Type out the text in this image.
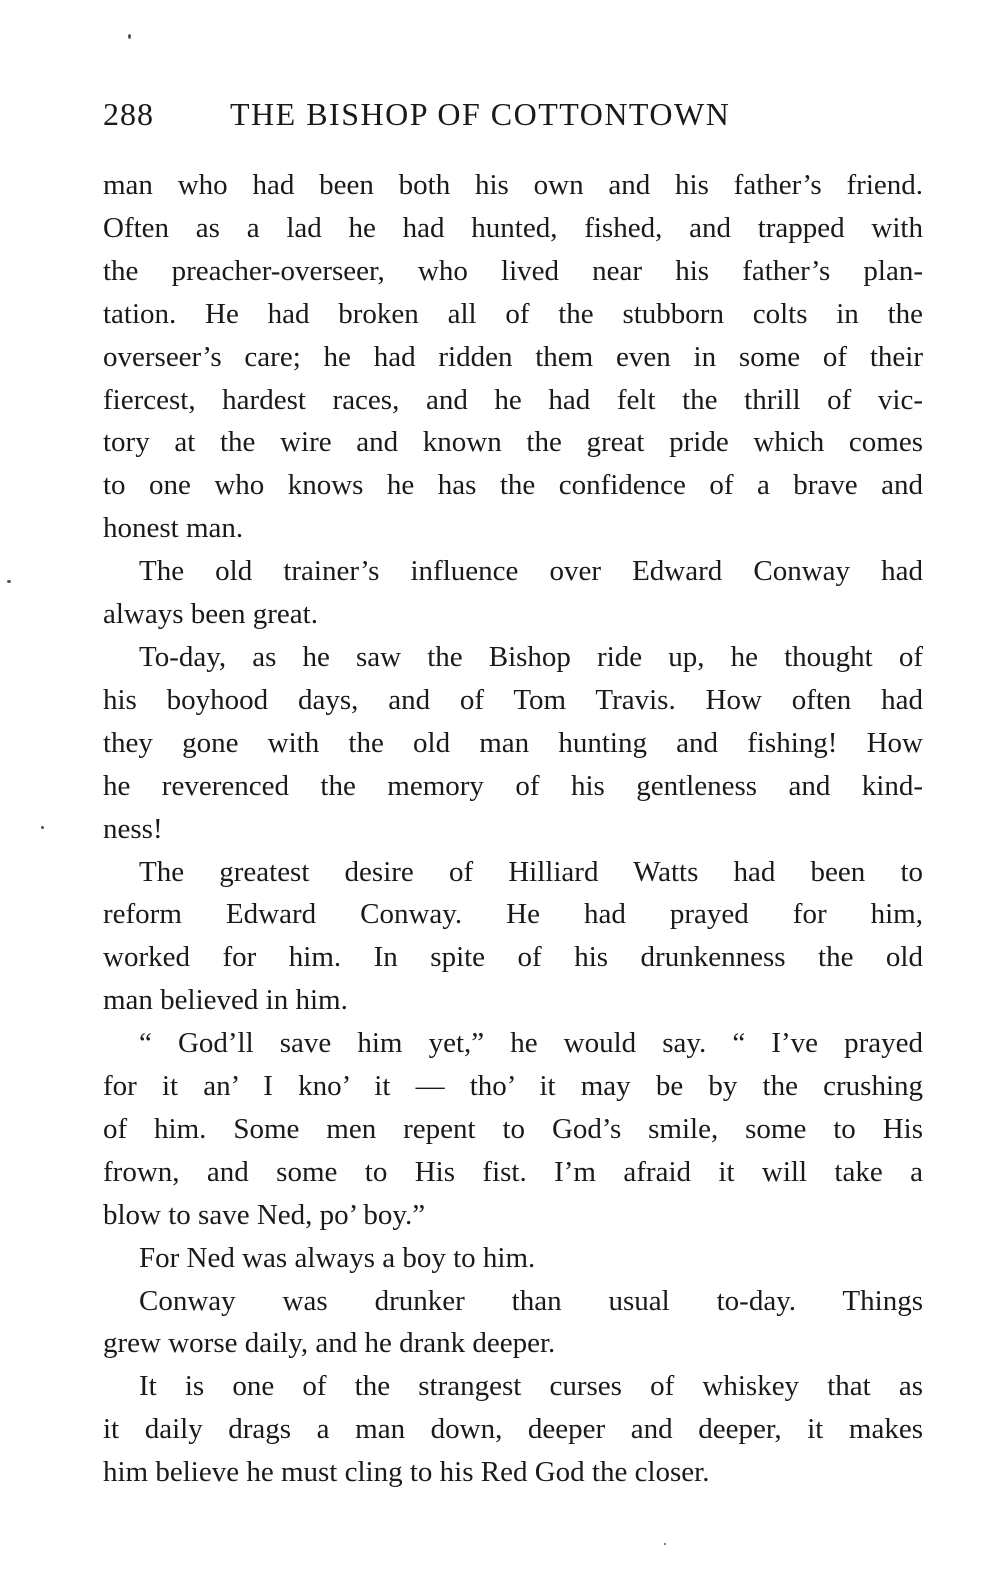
288 THE BISHOP OF COTTONTOWN
man who had been both his own and his father’s friend.
Often as a lad he had hunted, fished, and trapped with
the preacher-overseer, who lived near his father’s plan-
tation. He had broken all of the stubborn colts in the
overseer’s care; he had ridden them even in some of their
fiercest, hardest races, and he had felt the thrill of vic-
tory at the wire and known the great pride which comes
to one who knows he has the confidence of a brave and
honest man.
The old trainer’s influence over Edward Conway had
always been great.
To-day, as he saw the Bishop ride up, he thought of
his boyhood days, and of Tom Travis. How often had
they gone with the old man hunting and fishing! How
he reverenced the memory of his gentleness and kind-
ness!
The greatest desire of Hilliard Watts had been to
reform Edward Conway. He had prayed for him,
worked for him. In spite of his drunkenness the old
man believed in him.
“ God’ll save him yet,” he would say. “ I’ve prayed
for it an’ I kno’ it — tho’ it may be by the crushing
of him. Some men repent to God’s smile, some to His
frown, and some to His fist. I’m afraid it will take a
blow to save Ned, po’ boy.”
For Ned was always a boy to him.
Conway was drunker than usual to-day. Things
grew worse daily, and he drank deeper.
It is one of the strangest curses of whiskey that as
it daily drags a man down, deeper and deeper, it makes
him believe he must cling to his Red God the closer.
